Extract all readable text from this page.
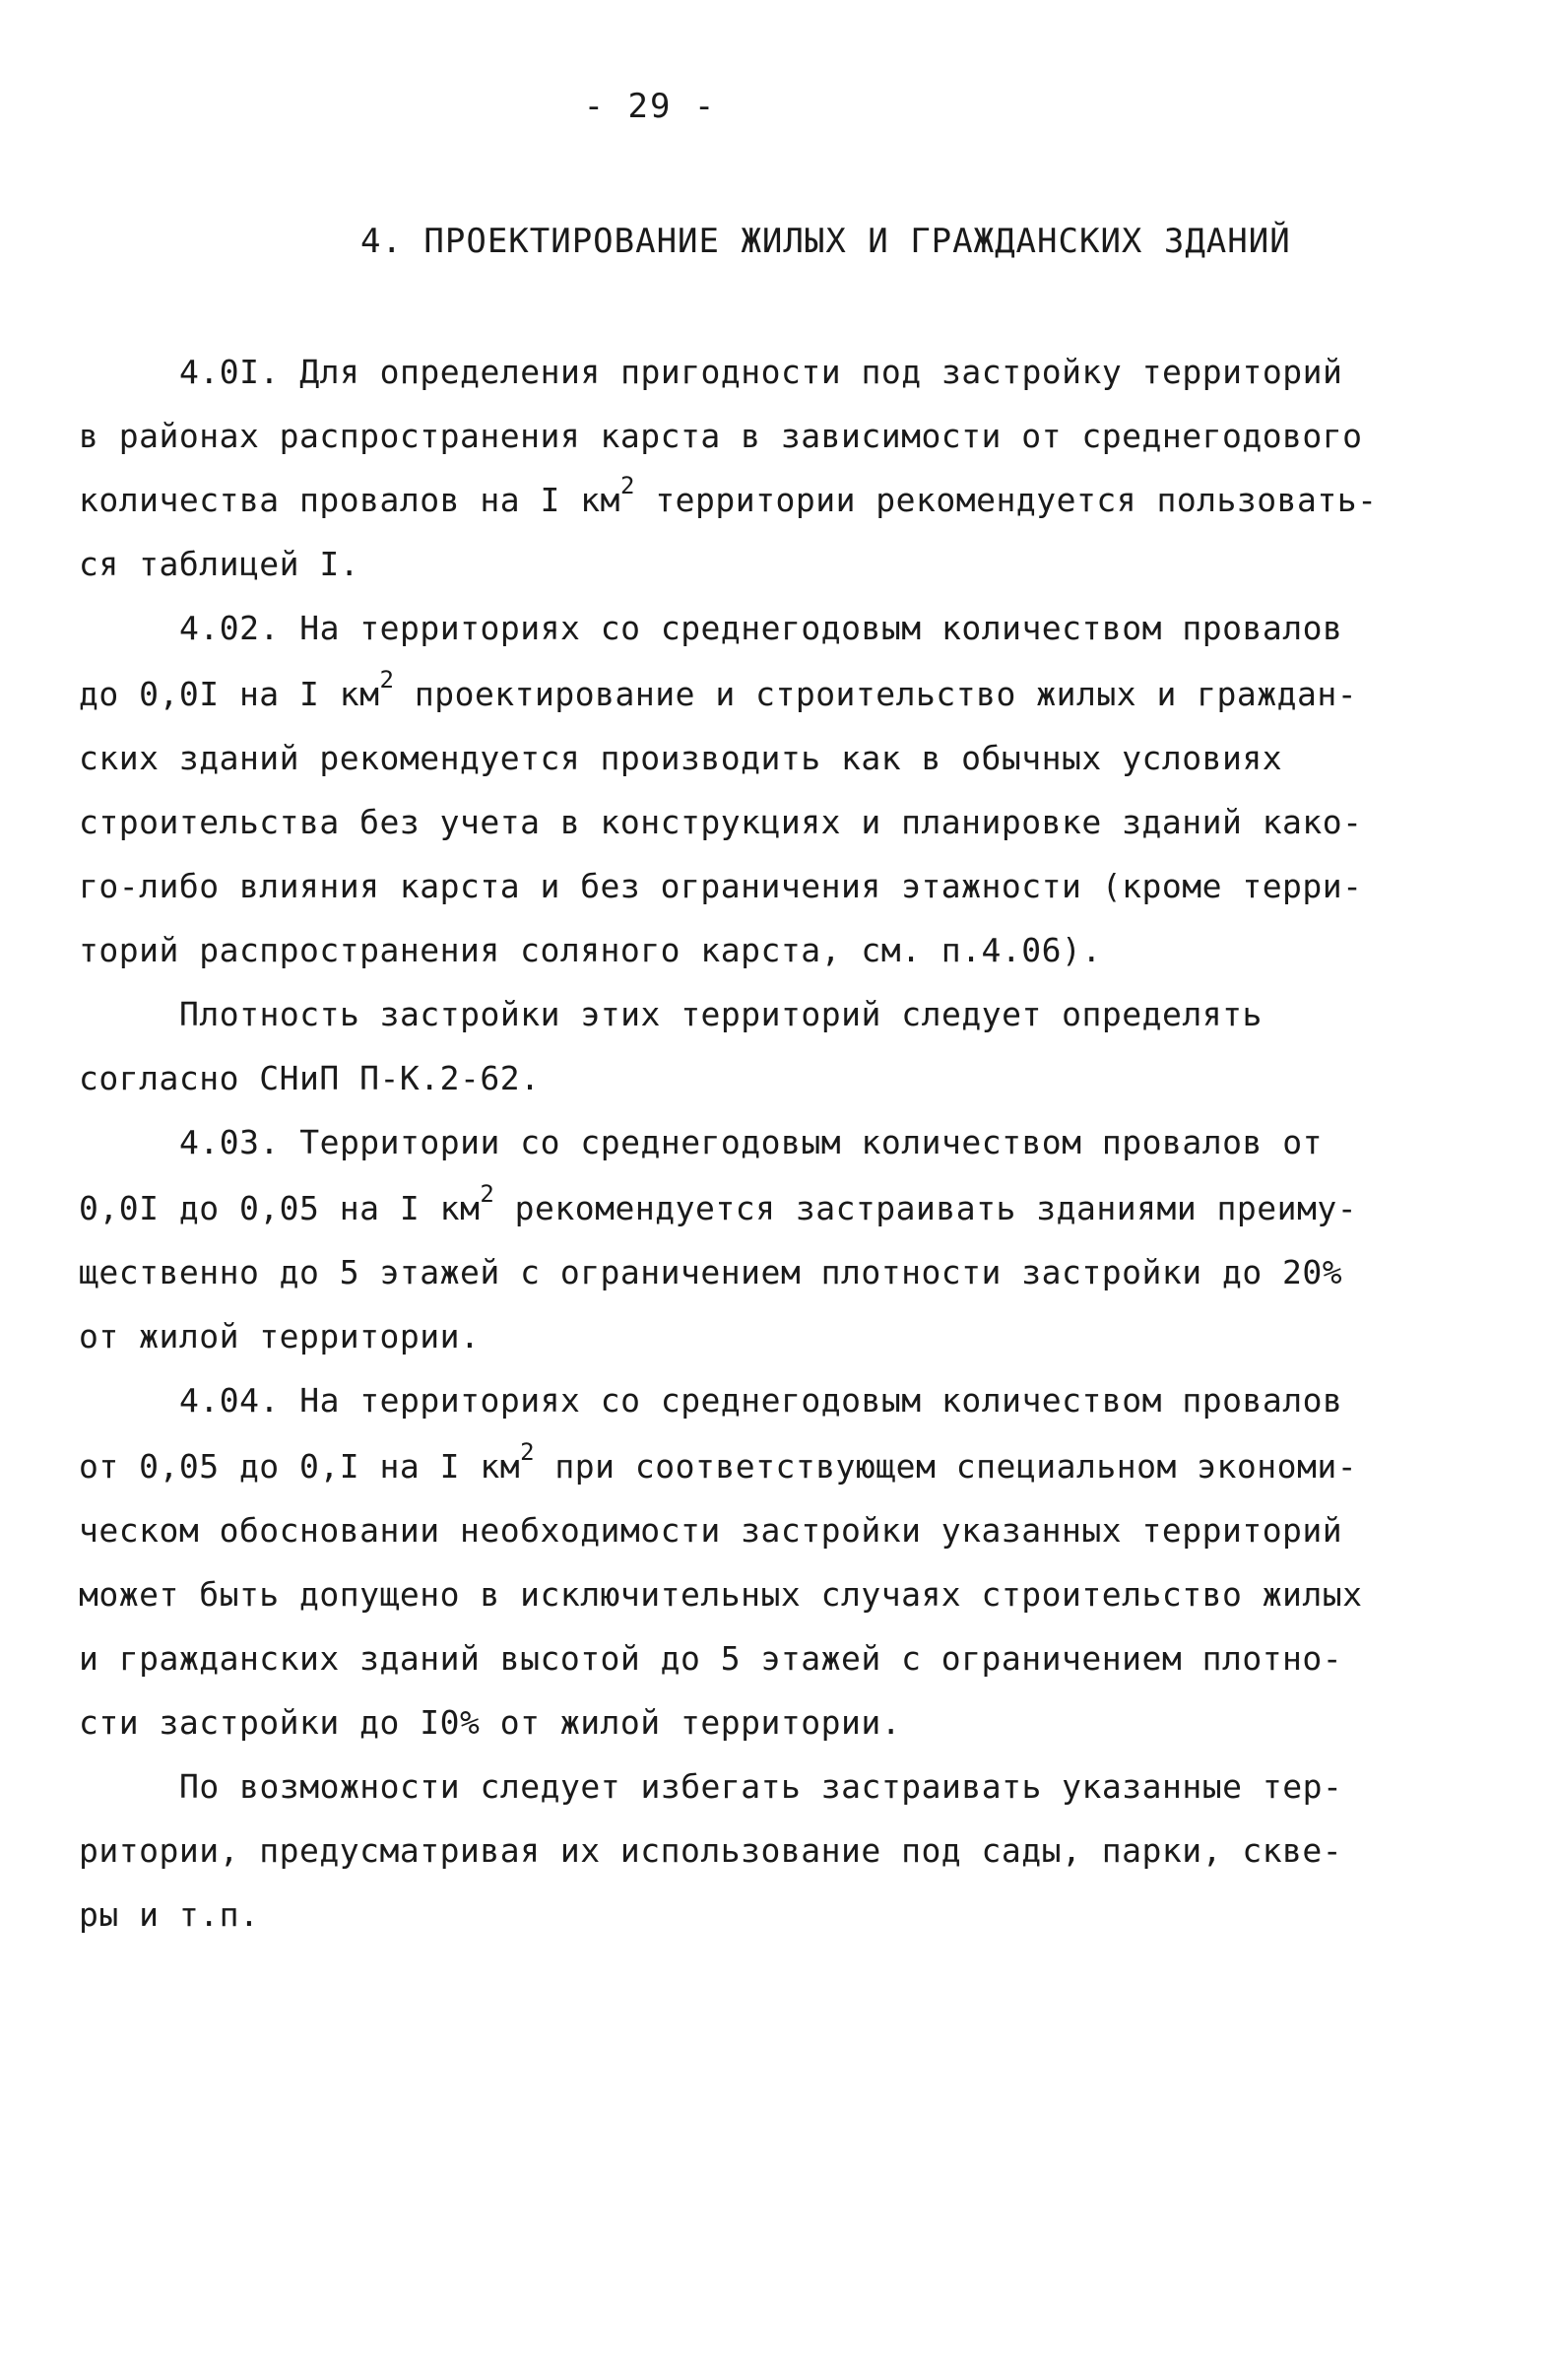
- 29 -
4. ПРОЕКТИРОВАНИЕ ЖИЛЫХ И ГРАЖДАНСКИХ ЗДАНИЙ
4.0I. Для определения пригодности под застройку территорий
в районах распространения карста в зависимости от среднегодового
количества провалов на I $км^2$ территории рекомендуется пользовать-
ся таблицей I.
4.02. На территориях со среднегодовым количеством провалов
до 0,0I на I $км^2$ проектирование и строительство жилых и граждан-
ских зданий рекомендуется производить как в обычных условиях
строительства без учета в конструкциях и планировке зданий како-
го-либо влияния карста и без ограничения этажности (кроме терри-
торий распространения соляного карста, см. п.4.06).
Плотность застройки этих территорий следует определять
согласно СНиП П-К.2-62.
4.03. Территории со среднегодовым количеством провалов от
0,0I до 0,05 на I $км^2$ рекомендуется застраивать зданиями преиму-
щественно до 5 этажей с ограничением плотности застройки до 20%
от жилой территории.
4.04. На территориях со среднегодовым количеством провалов
от 0,05 до 0,I на I $км^2$ при соответствующем специальном экономи-
ческом обосновании необходимости застройки указанных территорий
может быть допущено в исключительных случаях строительство жилых
и гражданских зданий высотой до 5 этажей с ограничением плотно-
сти застройки до I0% от жилой территории.
По возможности следует избегать застраивать указанные тер-
ритории, предусматривая их использование под сады, парки, скве-
ры и т.п.
